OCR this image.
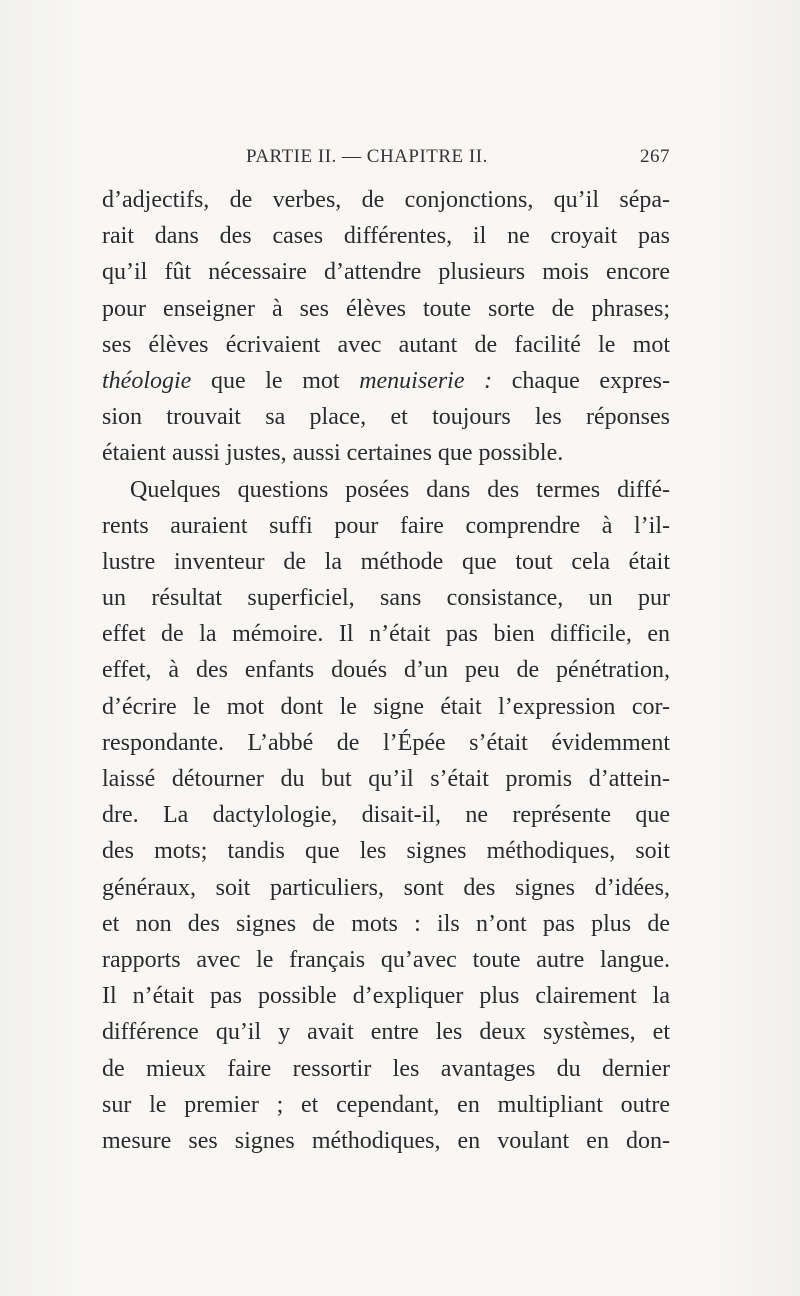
PARTIE II. — CHAPITRE II.	267
d’adjectifs, de verbes, de conjonctions, qu’il sépa-
rait dans des cases différentes, il ne croyait pas
qu’il fût nécessaire d’attendre plusieurs mois encore
pour enseigner à ses élèves toute sorte de phrases;
ses élèves écrivaient avec autant de facilité le mot
théologie que le mot menuiserie : chaque expres-
sion trouvait sa place, et toujours les réponses
étaient aussi justes, aussi certaines que possible.
Quelques questions posées dans des termes diffé-
rents auraient suffi pour faire comprendre à l’il-
lustre inventeur de la méthode que tout cela était
un résultat superficiel, sans consistance, un pur
effet de la mémoire. Il n’était pas bien difficile, en
effet, à des enfants doués d’un peu de pénétration,
d’écrire le mot dont le signe était l’expression cor-
respondante. L’abbé de l’Épée s’était évidemment
laissé détourner du but qu’il s’était promis d’attein-
dre. La dactylologie, disait-il, ne représente que
des mots; tandis que les signes méthodiques, soit
généraux, soit particuliers, sont des signes d’idées,
et non des signes de mots : ils n’ont pas plus de
rapports avec le français qu’avec toute autre langue.
Il n’était pas possible d’expliquer plus clairement la
différence qu’il y avait entre les deux systèmes, et
de mieux faire ressortir les avantages du dernier
sur le premier ; et cependant, en multipliant outre
mesure ses signes méthodiques, en voulant en don-
